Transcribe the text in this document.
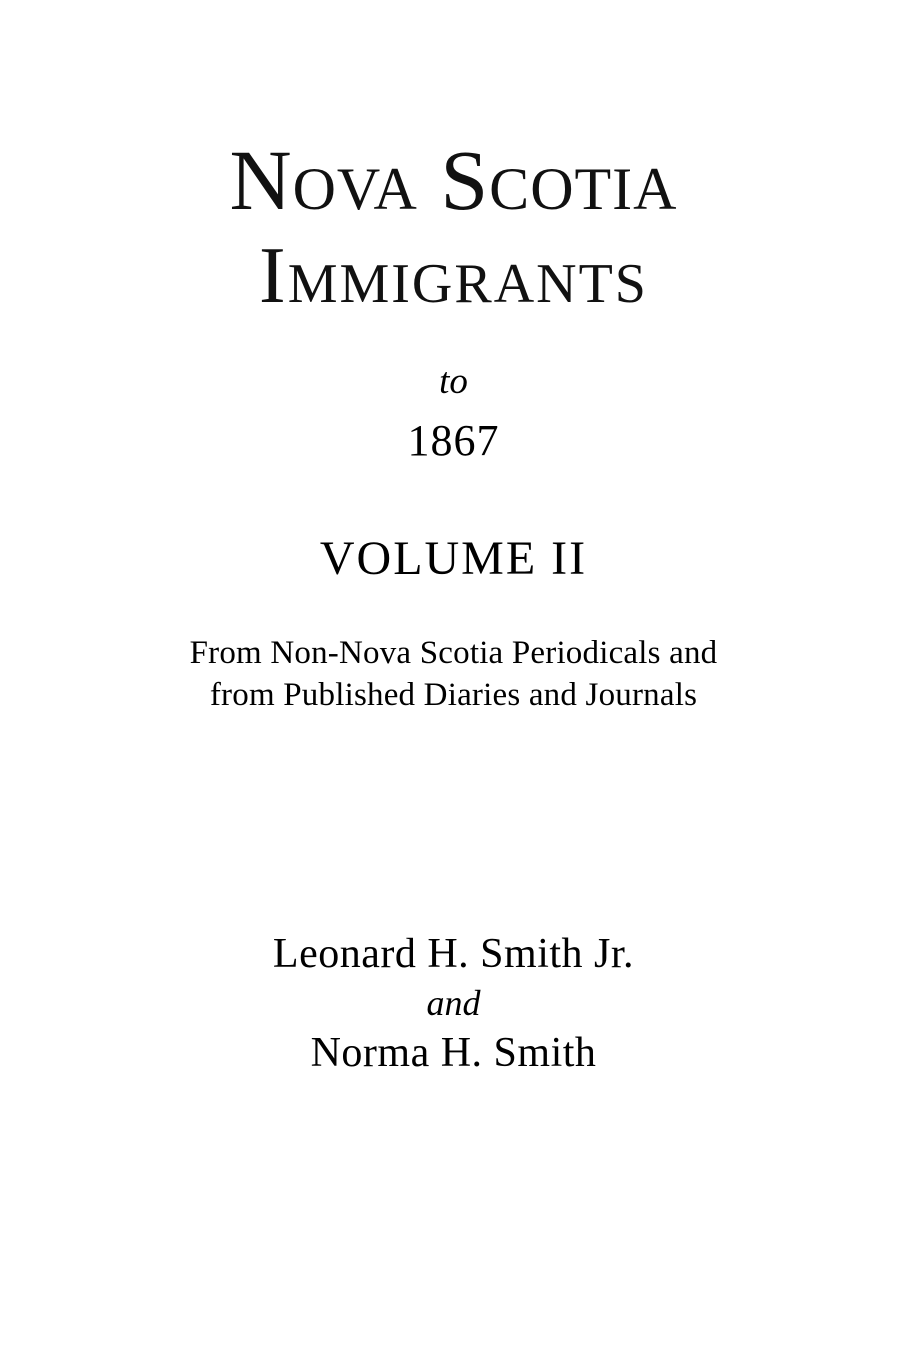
Nova Scotia
Immigrants
to
1867
VOLUME II
From Non-Nova Scotia Periodicals and
from Published Diaries and Journals
Leonard H. Smith Jr.
and
Norma H. Smith
